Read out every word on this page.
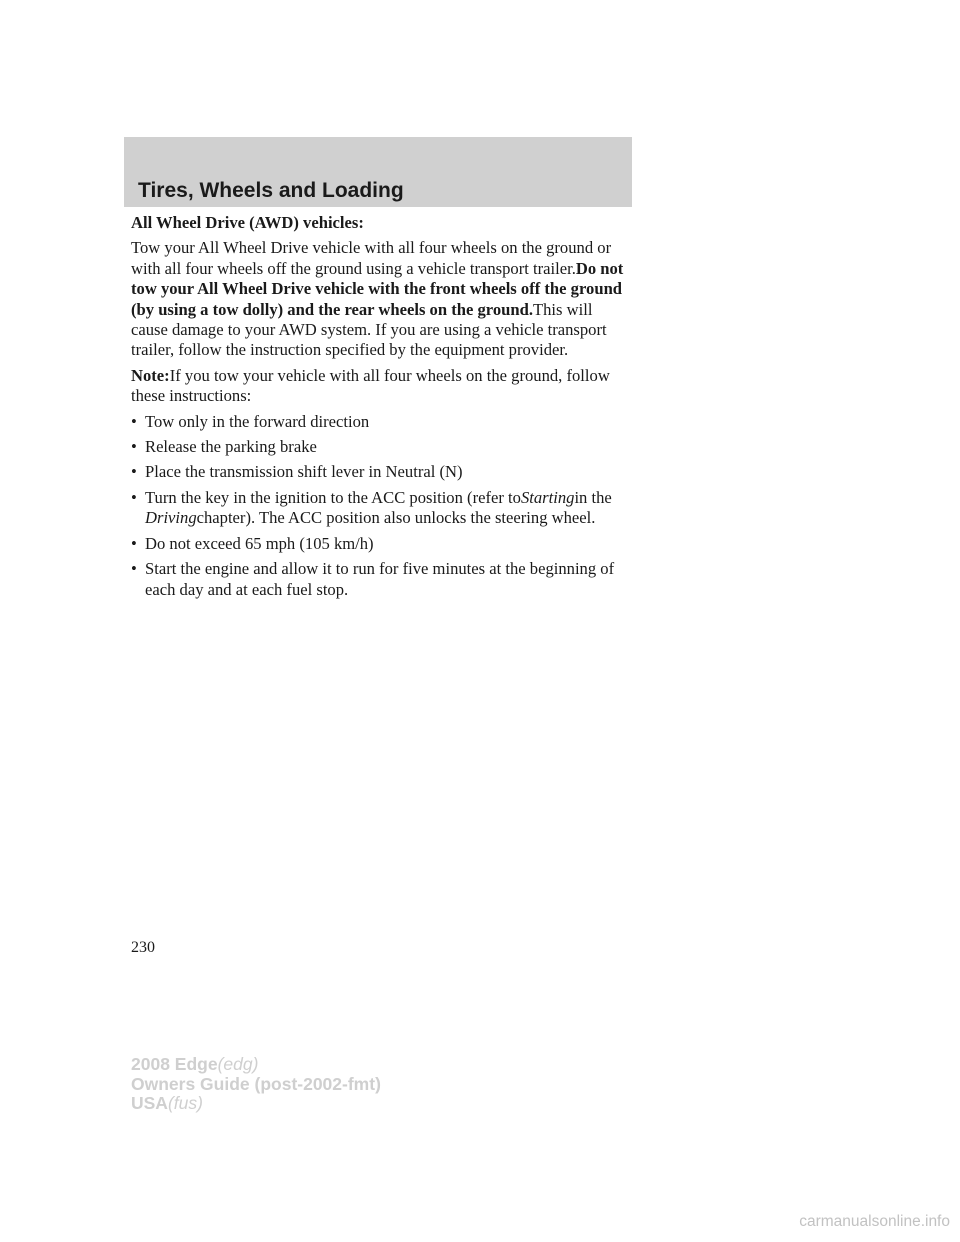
Tires, Wheels and Loading

All Wheel Drive (AWD) vehicles:

Tow your All Wheel Drive vehicle with all four wheels on the ground or with all four wheels off the ground using a vehicle transport trailer.Do not tow your All Wheel Drive vehicle with the front wheels off the ground (by using a tow dolly) and the rear wheels on the ground.This will cause damage to your AWD system. If you are using a vehicle transport trailer, follow the instruction specified by the equipment provider.

Note:If you tow your vehicle with all four wheels on the ground, follow these instructions:

• Tow only in the forward direction
• Release the parking brake
• Place the transmission shift lever in Neutral (N)
• Turn the key in the ignition to the ACC position (refer toStartingin the Drivingchapter). The ACC position also unlocks the steering wheel.
• Do not exceed 65 mph (105 km/h)
• Start the engine and allow it to run for five minutes at the beginning of each day and at each fuel stop.
230
2008 Edge(edg)
Owners Guide (post-2002-fmt)
USA(fus)
carmanualsonline.info
